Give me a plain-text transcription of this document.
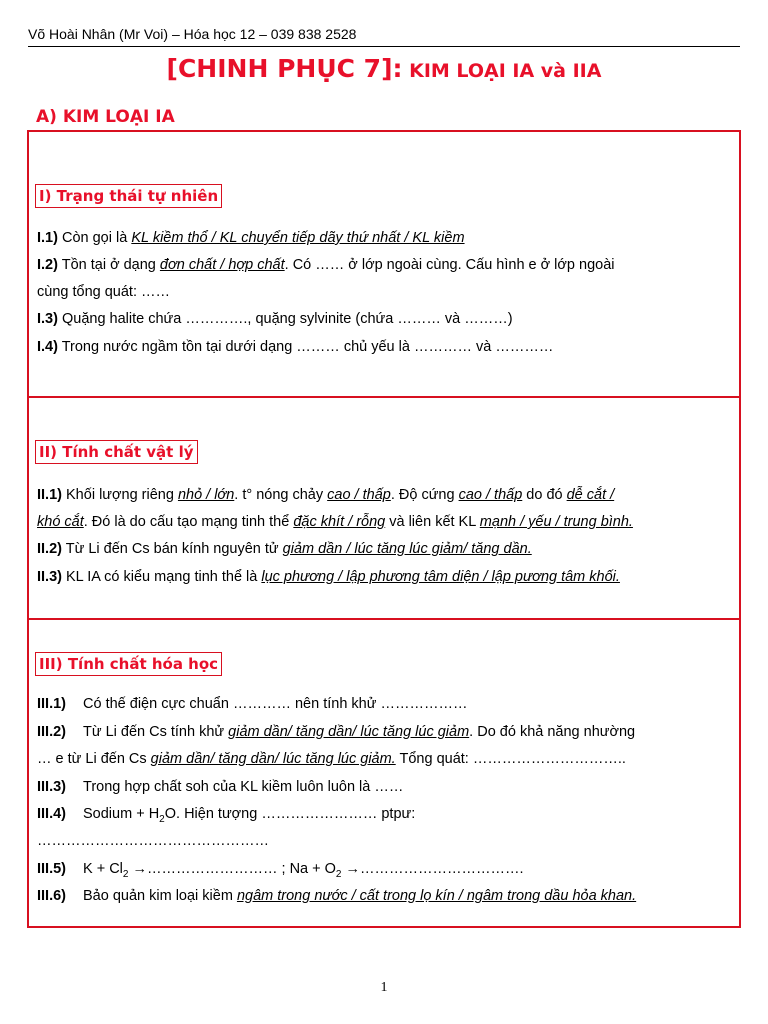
Võ Hoài Nhân (Mr Voi) – Hóa học 12 – 039 838 2528
[CHINH PHỤC 7]: KIM LOẠI IA và IIA
A) KIM LOẠI IA
I) Trạng thái tự nhiên
I.1) Còn gọi là KL kiềm thổ / KL chuyển tiếp dãy thứ nhất / KL kiềm
I.2) Tồn tại ở dạng đơn chất / hợp chất. Có …… ở lớp ngoài cùng. Cấu hình e ở lớp ngoài
cùng tổng quát: ……
I.3) Quặng halite chứa …………., quặng sylvinite (chứa ……… và ………)
I.4) Trong nước ngầm tồn tại dưới dạng ……… chủ yếu là ………… và …………
II) Tính chất vật lý
II.1) Khối lượng riêng nhỏ / lớn. t° nóng chảy cao / thấp. Độ cứng cao / thấp do đó dễ cắt /
khó cắt. Đó là do cấu tạo mạng tinh thể đặc khít / rỗng và liên kết KL mạnh / yếu / trung bình.
II.2) Từ Li đến Cs bán kính nguyên tử giảm dần / lúc tăng lúc giảm/ tăng dần.
II.3) KL IA có kiểu mạng tinh thể là lục phương / lập phương tâm diện / lập pương tâm khối.
III) Tính chất hóa học
III.1) Có thế điện cực chuẩn ………… nên tính khử ………………
III.2) Từ Li đến Cs tính khử giảm dần/ tăng dần/ lúc tăng lúc giảm. Do đó khả năng nhường
… e từ Li đến Cs giảm dần/ tăng dần/ lúc tăng lúc giảm. Tổng quát: …………………………..
III.3) Trong hợp chất soh của KL kiềm luôn luôn là ……
III.4) Sodium + $H_2O$. Hiện tượng …………………… ptpư:
…………………………………………
III.5) $K + Cl_2$ →……………………… ; $Na + O_2$ →…………………………….
III.6) Bảo quản kim loại kiềm ngâm trong nước / cất trong lọ kín / ngâm trong dầu hỏa khan.
1
